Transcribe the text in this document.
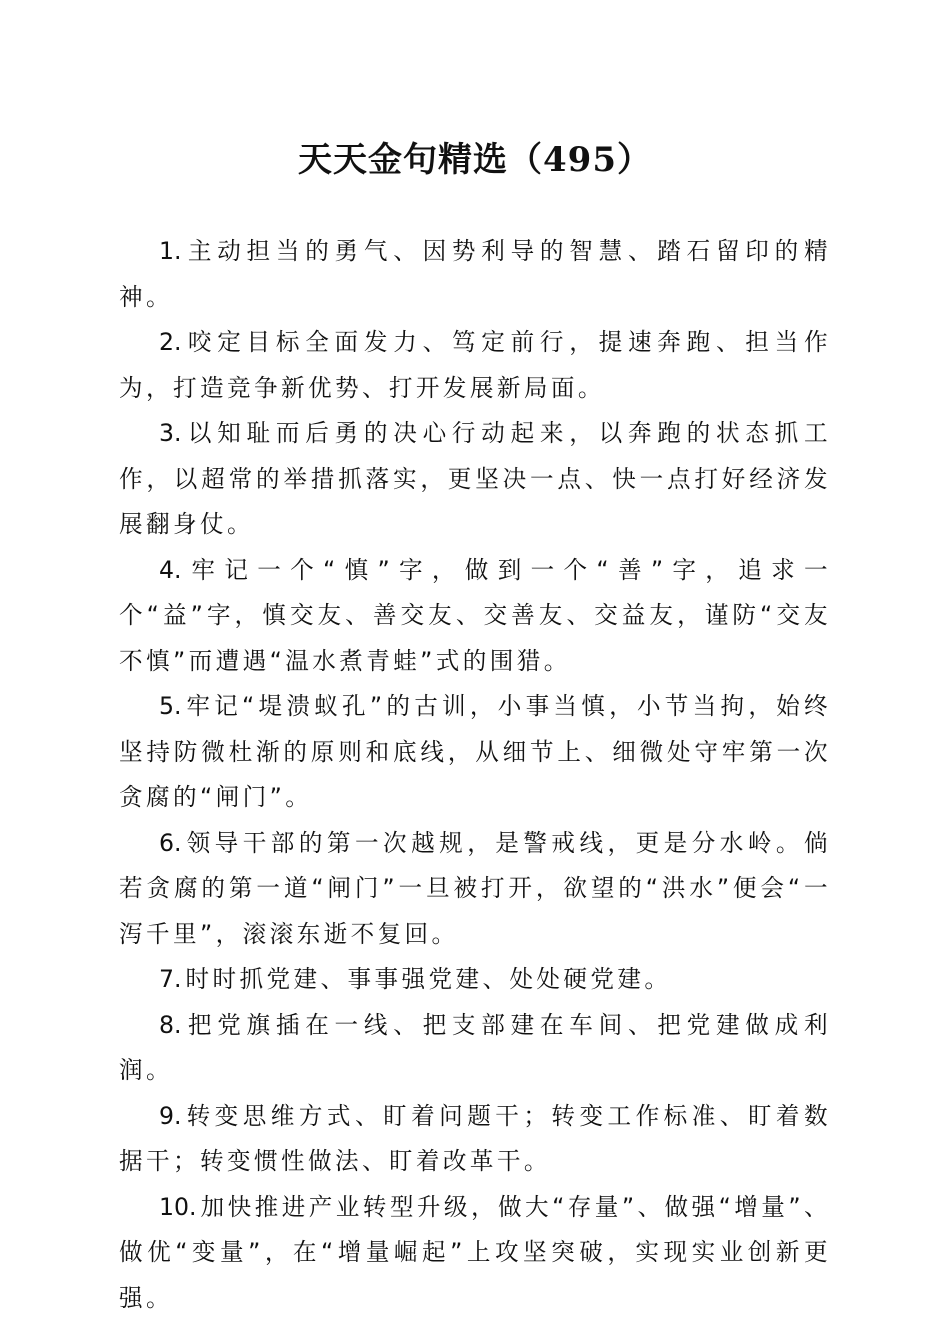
天天金句精选（495）
1. 主动担当的勇气、因势利导的智慧、踏石留印的精神。
2. 咬定目标全面发力、笃定前行，提速奔跑、担当作为，打造竞争新优势、打开发展新局面。
3. 以知耻而后勇的决心行动起来，以奔跑的状态抓工作，以超常的举措抓落实，更坚决一点、快一点打好经济发展翻身仗。
4. 牢记一个“慎”字，做到一个“善”字，追求一个“益”字，慎交友、善交友、交善友、交益友，谨防“交友不慎”而遭遇“温水煮青蛙”式的围猎。
5. 牢记“堤溃蚁孔”的古训，小事当慎，小节当拘，始终坚持防微杜渐的原则和底线，从细节上、细微处守牢第一次贪腐的“闸门”。
6. 领导干部的第一次越规，是警戒线，更是分水岭。倘若贪腐的第一道“闸门”一旦被打开，欲望的“洪水”便会“一泻千里”，滚滚东逝不复回。
7. 时时抓党建、事事强党建、处处硬党建。
8. 把党旗插在一线、把支部建在车间、把党建做成利润。
9. 转变思维方式、盯着问题干；转变工作标准、盯着数据干；转变惯性做法、盯着改革干。
10. 加快推进产业转型升级，做大“存量”、做强“增量”、做优“变量”，在“增量崛起”上攻坚突破，实现实业创新更强。
